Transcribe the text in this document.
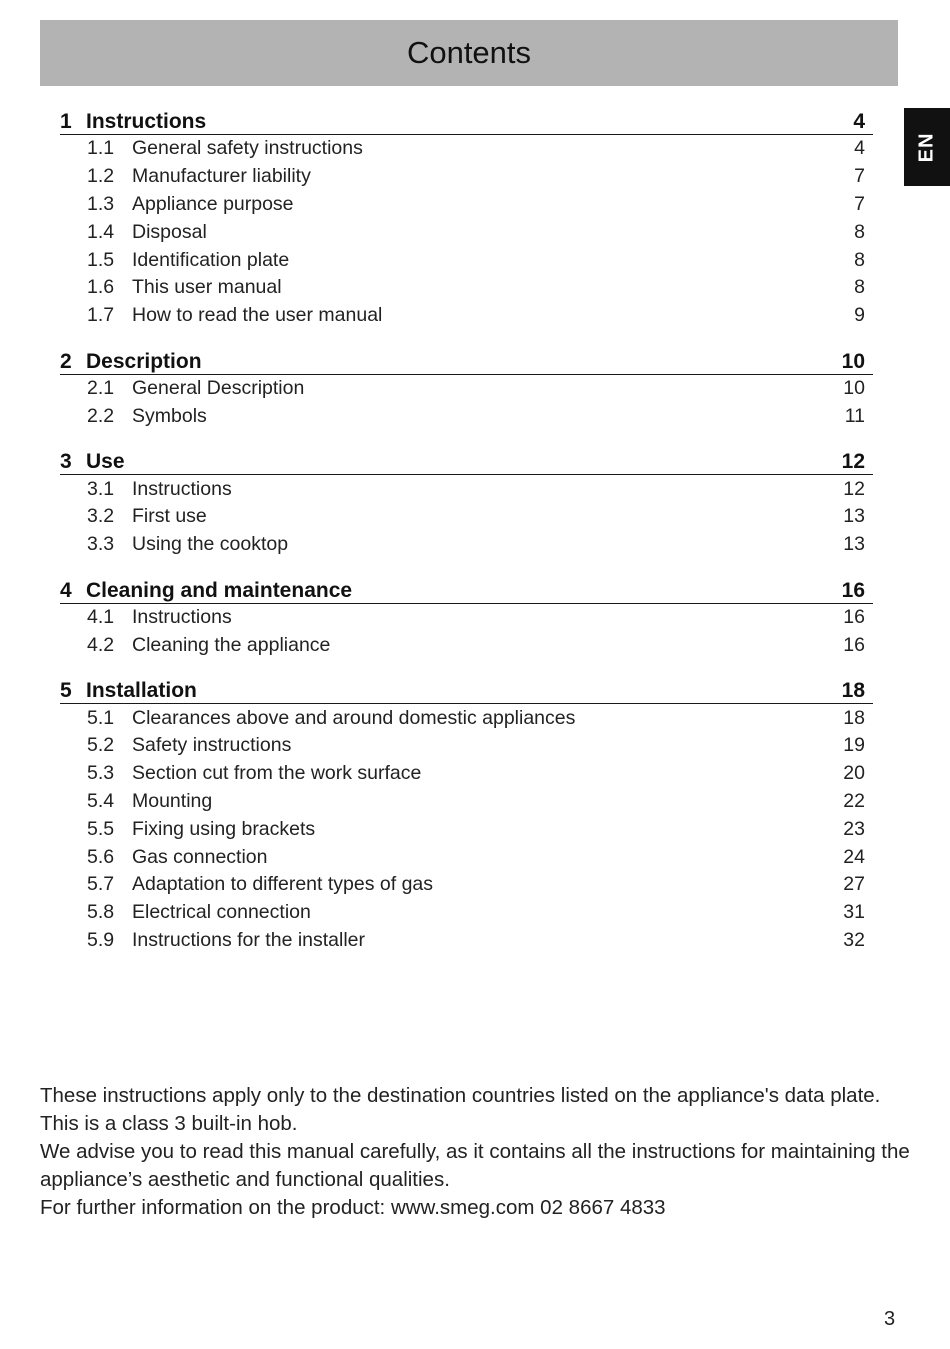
Contents
EN
1 Instructions	4
1.1 General safety instructions	4
1.2 Manufacturer liability	7
1.3 Appliance purpose	7
1.4 Disposal	8
1.5 Identification plate	8
1.6 This user manual	8
1.7 How to read the user manual	9
2 Description	10
2.1 General Description	10
2.2 Symbols	11
3 Use	12
3.1 Instructions	12
3.2 First use	13
3.3 Using the cooktop	13
4 Cleaning and maintenance	16
4.1 Instructions	16
4.2 Cleaning the appliance	16
5 Installation	18
5.1 Clearances above and around domestic appliances	18
5.2 Safety instructions	19
5.3 Section cut from the work surface	20
5.4 Mounting	22
5.5 Fixing using brackets	23
5.6 Gas connection	24
5.7 Adaptation to different types of gas	27
5.8 Electrical connection	31
5.9 Instructions for the installer	32

These instructions apply only to the destination countries listed on the appliance's data plate.

This is a class 3 built-in hob.

We advise you to read this manual carefully, as it contains all the instructions for maintaining the appliance’s aesthetic and functional qualities.

For further information on the product: www.smeg.com 02 8667 4833

3
